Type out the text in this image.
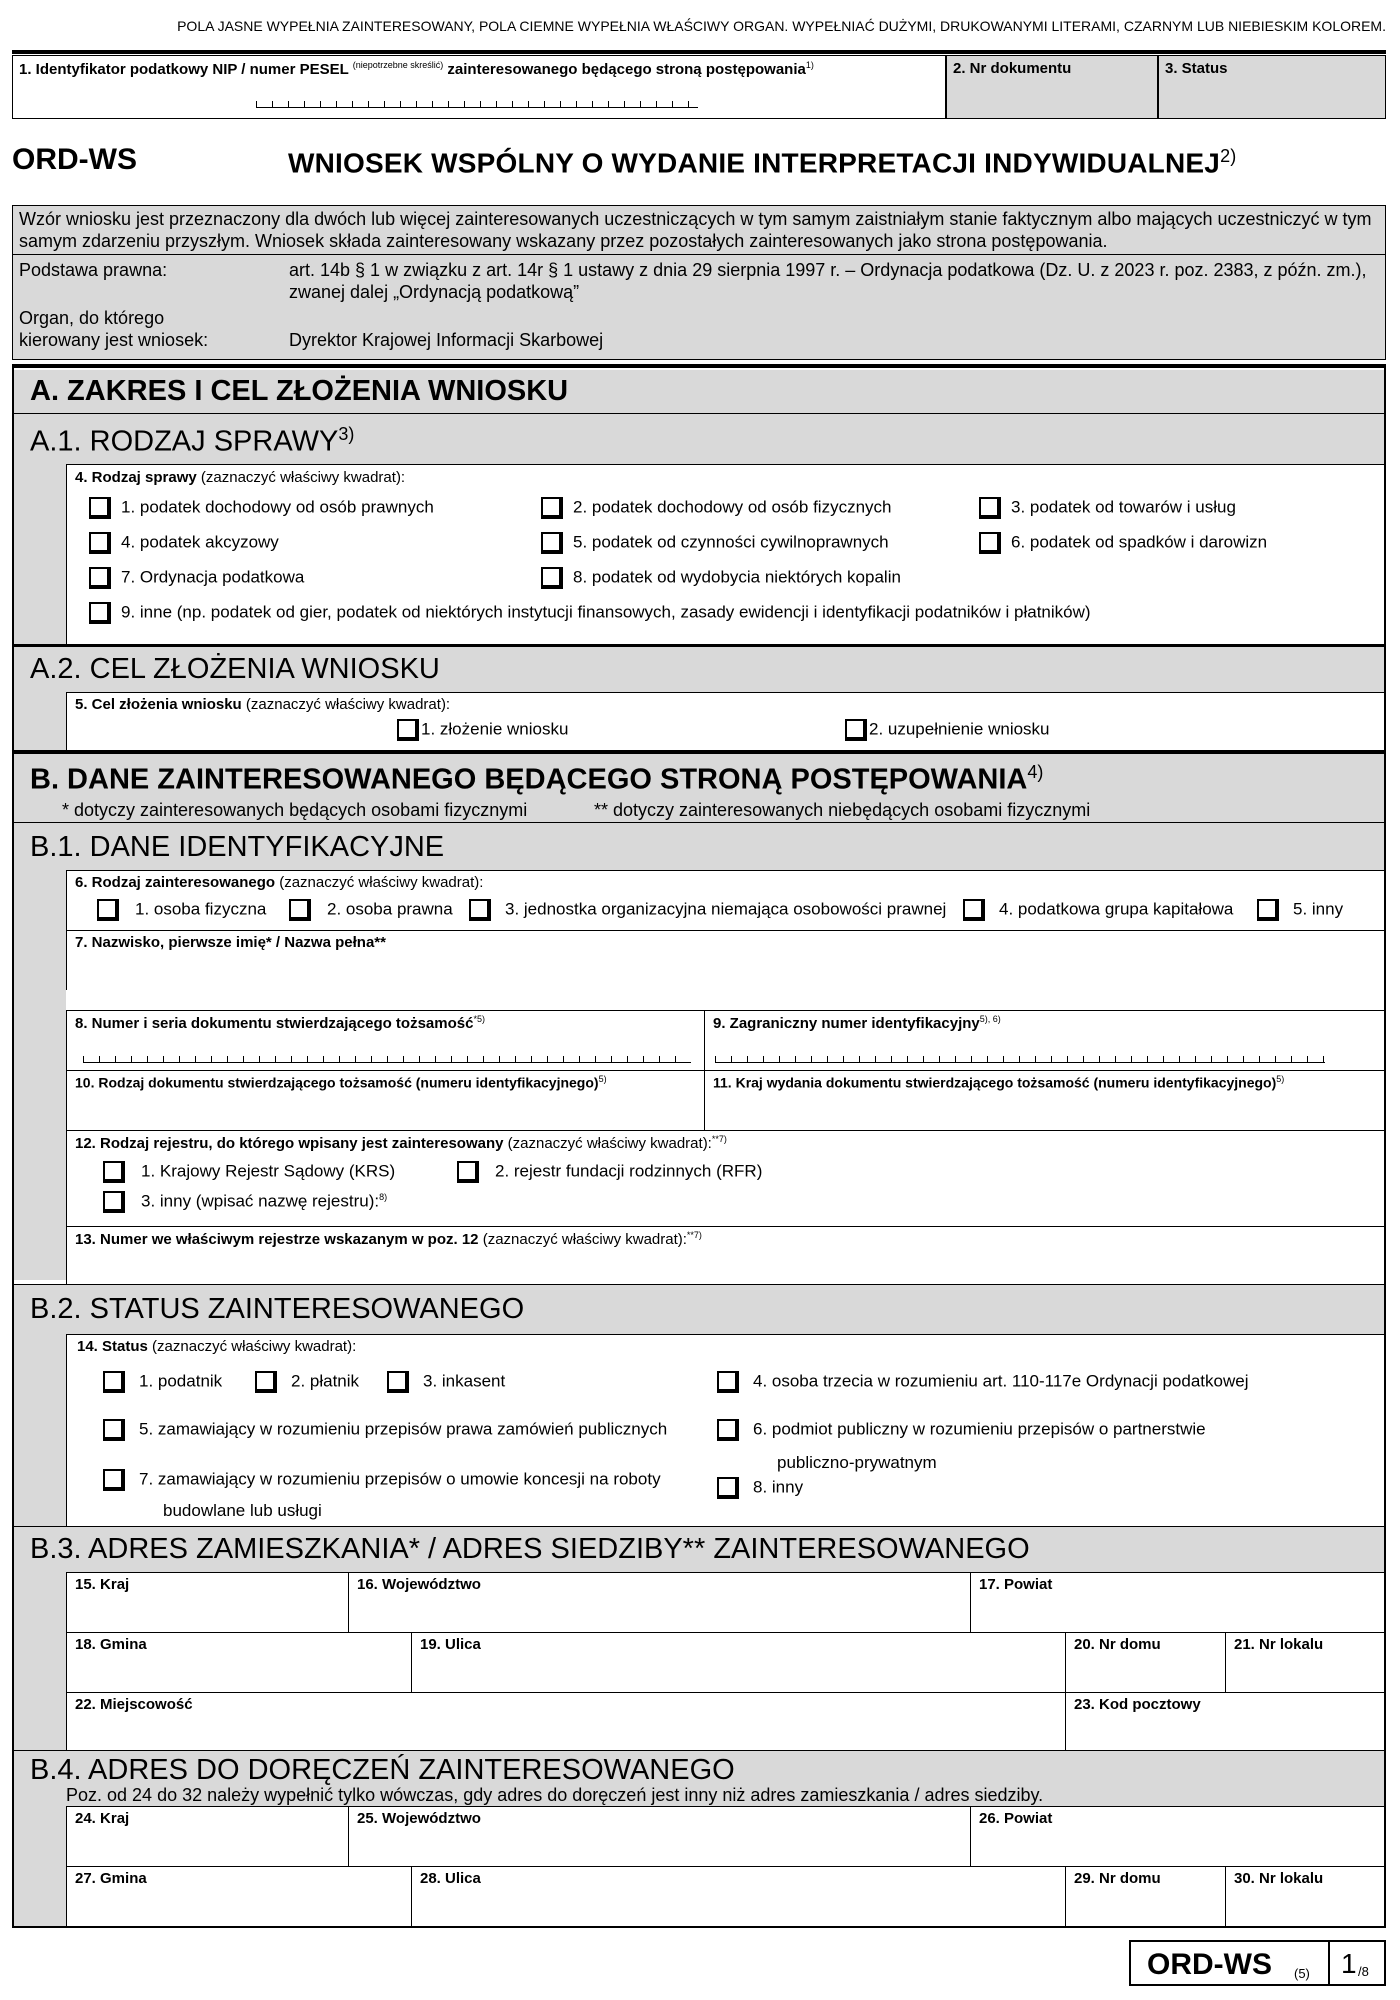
POLA JASNE WYPEŁNIA ZAINTERESOWANY, POLA CIEMNE WYPEŁNIA WŁAŚCIWY ORGAN. WYPEŁNIAĆ DUŻYMI, DRUKOWANYMI LITERAMI, CZARNYM LUB NIEBIESKIM KOLOREM.
1. Identyfikator podatkowy NIP / numer PESEL $^{(niepotrzebne skreślić)}$ zainteresowanego będącego stroną postępowania$^{1)}$	2. Nr dokumentu	3. Status
ORD-WS	WNIOSEK WSPÓLNY O WYDANIE INTERPRETACJI INDYWIDUALNEJ$^{2)}$
Wzór wniosku jest przeznaczony dla dwóch lub więcej zainteresowanych uczestniczących w tym samym zaistniałym stanie faktycznym albo mających uczestniczyć w tym samym zdarzeniu przyszłym. Wniosek składa zainteresowany wskazany przez pozostałych zainteresowanych jako strona postępowania.
Podstawa prawna:	art. 14b § 1 w związku z art. 14r § 1 ustawy z dnia 29 sierpnia 1997 r. – Ordynacja podatkowa (Dz. U. z 2023 r. poz. 2383, z późn. zm.), zwanej dalej „Ordynacją podatkową”
Organ, do którego kierowany jest wniosek:	Dyrektor Krajowej Informacji Skarbowej
A. ZAKRES I CEL ZŁOŻENIA WNIOSKU
A.1. RODZAJ SPRAWY$^{3)}$
4. Rodzaj sprawy (zaznaczyć właściwy kwadrat):
1. podatek dochodowy od osób prawnych	2. podatek dochodowy od osób fizycznych	3. podatek od towarów i usług
4. podatek akcyzowy	5. podatek od czynności cywilnoprawnych	6. podatek od spadków i darowizn
7. Ordynacja podatkowa	8. podatek od wydobycia niektórych kopalin
9. inne (np. podatek od gier, podatek od niektórych instytucji finansowych, zasady ewidencji i identyfikacji podatników i płatników)
A.2. CEL ZŁOŻENIA WNIOSKU
5. Cel złożenia wniosku (zaznaczyć właściwy kwadrat):
1. złożenie wniosku	2. uzupełnienie wniosku
B. DANE ZAINTERESOWANEGO BĘDĄCEGO STRONĄ POSTĘPOWANIA$^{4)}$
* dotyczy zainteresowanych będących osobami fizycznymi	** dotyczy zainteresowanych niebędących osobami fizycznymi
B.1. DANE IDENTYFIKACYJNE
6. Rodzaj zainteresowanego (zaznaczyć właściwy kwadrat):
1. osoba fizyczna	2. osoba prawna	3. jednostka organizacyjna niemająca osobowości prawnej	4. podatkowa grupa kapitałowa	5. inny
7. Nazwisko, pierwsze imię* / Nazwa pełna**
8. Numer i seria dokumentu stwierdzającego tożsamość$^{*5)}$	9. Zagraniczny numer identyfikacyjny$^{5), 6)}$
10. Rodzaj dokumentu stwierdzającego tożsamość (numeru identyfikacyjnego)$^{5)}$	11. Kraj wydania dokumentu stwierdzającego tożsamość (numeru identyfikacyjnego)$^{5)}$
12. Rodzaj rejestru, do którego wpisany jest zainteresowany (zaznaczyć właściwy kwadrat):$^{**7)}$
1. Krajowy Rejestr Sądowy (KRS)	2. rejestr fundacji rodzinnych (RFR)
3. inny (wpisać nazwę rejestru):$^{8)}$
13. Numer we właściwym rejestrze wskazanym w poz. 12 (zaznaczyć właściwy kwadrat):$^{**7)}$
B.2. STATUS ZAINTERESOWANEGO
14. Status (zaznaczyć właściwy kwadrat):
1. podatnik	2. płatnik	3. inkasent	4. osoba trzecia w rozumieniu art. 110-117e Ordynacji podatkowej
5. zamawiający w rozumieniu przepisów prawa zamówień publicznych	6. podmiot publiczny w rozumieniu przepisów o partnerstwie
publiczno-prywatnym
7. zamawiający w rozumieniu przepisów o umowie koncesji na roboty
budowlane lub usługi
8. inny
B.3. ADRES ZAMIESZKANIA* / ADRES SIEDZIBY** ZAINTERESOWANEGO
15. Kraj	16. Województwo	17. Powiat
18. Gmina	19. Ulica	20. Nr domu	21. Nr lokalu
22. Miejscowość	23. Kod pocztowy
B.4. ADRES DO DORĘCZEŃ ZAINTERESOWANEGO
Poz. od 24 do 32 należy wypełnić tylko wówczas, gdy adres do doręczeń jest inny niż adres zamieszkania / adres siedziby.
24. Kraj	25. Województwo	26. Powiat
27. Gmina	28. Ulica	29. Nr domu	30. Nr lokalu
ORD-WS (5) 1 /8
